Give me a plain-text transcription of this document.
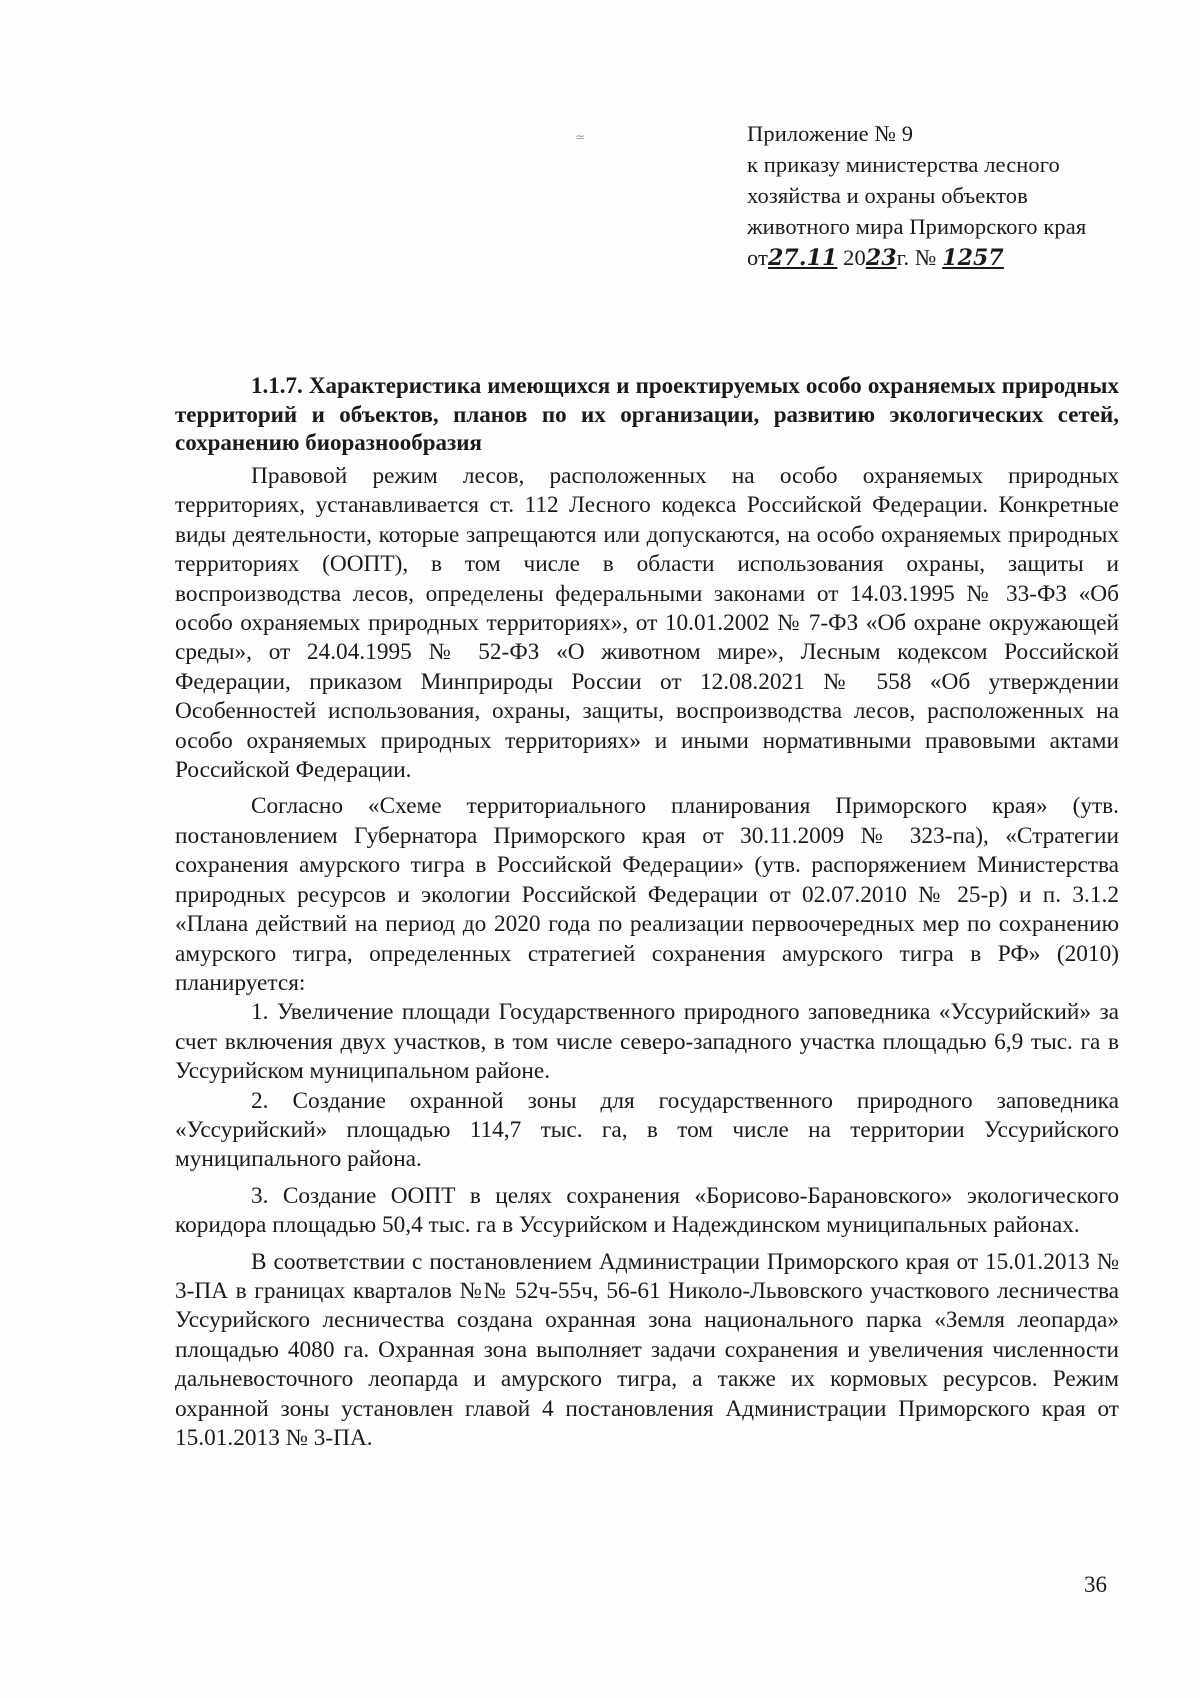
≃	Приложение № 9
к приказу министерства лесного
хозяйства и охраны объектов
животного мира Приморского края
от27.11 2023г. № 1257
1.1.7. Характеристика имеющихся и проектируемых особо охраняемых природных территорий и объектов, планов по их организации, развитию экологических сетей, сохранению биоразнообразия

Правовой режим лесов, расположенных на особо охраняемых природных территориях, устанавливается ст. 112 Лесного кодекса Российской Федерации. Конкретные виды деятельности, которые запрещаются или допускаются, на особо охраняемых природных территориях (ООПТ), в том числе в области использования охраны, защиты и воспроизводства лесов, определены федеральными законами от 14.03.1995 № 33-ФЗ «Об особо охраняемых природных территориях», от 10.01.2002 № 7-ФЗ «Об охране окружающей среды», от 24.04.1995 № 52-ФЗ «О животном мире», Лесным кодексом Российской Федерации, приказом Минприроды России от 12.08.2021 № 558 «Об утверждении Особенностей использования, охраны, защиты, воспроизводства лесов, расположенных на особо охраняемых природных территориях» и иными нормативными правовыми актами Российской Федерации.

Согласно «Схеме территориального планирования Приморского края» (утв. постановлением Губернатора Приморского края от 30.11.2009 № 323-па), «Стратегии сохранения амурского тигра в Российской Федерации» (утв. распоряжением Министерства природных ресурсов и экологии Российской Федерации от 02.07.2010 № 25-р) и п. 3.1.2 «Плана действий на период до 2020 года по реализации первоочередных мер по сохранению амурского тигра, определенных стратегией сохранения амурского тигра в РФ» (2010) планируется:

1. Увеличение площади Государственного природного заповедника «Уссурийский» за счет включения двух участков, в том числе северо-западного участка площадью 6,9 тыс. га в Уссурийском муниципальном районе.

2. Создание охранной зоны для государственного природного заповедника «Уссурийский» площадью 114,7 тыс. га, в том числе на территории Уссурийского муниципального района.

3. Создание ООПТ в целях сохранения «Борисово-Барановского» экологического коридора площадью 50,4 тыс. га в Уссурийском и Надеждинском муниципальных районах.

В соответствии с постановлением Администрации Приморского края от 15.01.2013 № 3-ПА в границах кварталов №№ 52ч-55ч, 56-61 Николо-Львовского участкового лесничества Уссурийского лесничества создана охранная зона национального парка «Земля леопарда» площадью 4080 га. Охранная зона выполняет задачи сохранения и увеличения численности дальневосточного леопарда и амурского тигра, а также их кормовых ресурсов. Режим охранной зоны установлен главой 4 постановления Администрации Приморского края от 15.01.2013 № 3-ПА.

36
